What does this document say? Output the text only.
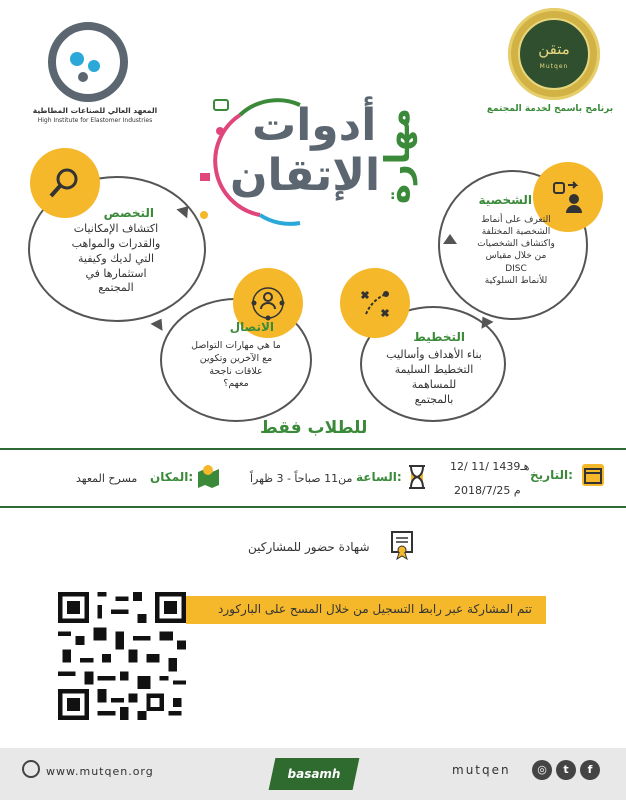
المعهد العالي للصناعات المطاطية
High Institute for Elastomer Industries
متقن
Mutqen
برنامج باسمح لخدمة المجتمع
أدوات
الإتقان
مهارة	الشخصية
التعرف على أنماط
الشخصية المختلفة
واكتشاف الشخصيات
من خلال مقياس
DISC
للأنماط السلوكية
التخصص
اكتشاف الإمكانيات
والقدرات والمواهب
التي لديك وكيفية
استثمارها في
المجتمع
التخطيط
بناء الأهداف وأساليب
التخطيط السليمة
للمساهمة
بالمجتمع
الاتصال
ما هي مهارات التواصل
مع الآخرين وتكوين
علاقات ناجحة
معهم؟
للطلاب فقط
التاريخ:
12/ 11/ 1439هـ
2018/7/25 م
الساعة:
من11 صباحاً - 3 ظهراً
المكان:
مسرح المعهد
شهادة حضور للمشاركين
تتم المشاركة عبر رابط التسجيل من خلال المسح على الباركورد
www.mutqen.org	basamh	mutqen	◎	t	f
